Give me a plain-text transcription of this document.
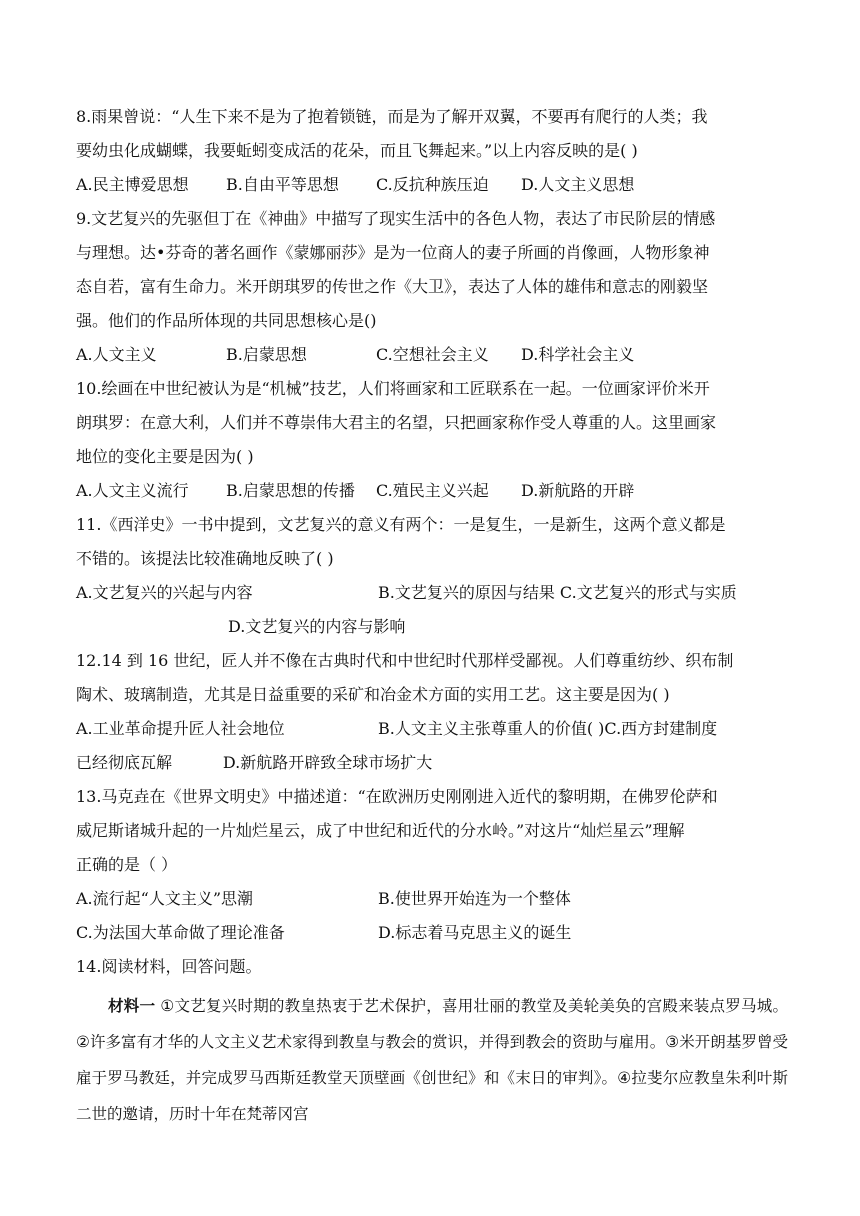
8.雨果曾说：“人生下来不是为了抱着锁链，而是为了解开双翼，不要再有爬行的人类；我
要幼虫化成蝴蝶，我要蚯蚓变成活的花朵，而且飞舞起来。”以上内容反映的是( )
A.民主博爱思想 B.自由平等思想 C.反抗种族压迫 D.人文主义思想
9.文艺复兴的先驱但丁在《神曲》中描写了现实生活中的各色人物，表达了市民阶层的情感
与理想。达•芬奇的著名画作《蒙娜丽莎》是为一位商人的妻子所画的肖像画，人物形象神
态自若，富有生命力。米开朗琪罗的传世之作《大卫》，表达了人体的雄伟和意志的刚毅坚
强。他们的作品所体现的共同思想核心是()
A.人文主义	B.启蒙思想	C.空想社会主义 D.科学社会主义
10.绘画在中世纪被认为是“机械”技艺，人们将画家和工匠联系在一起。一位画家评价米开
朗琪罗：在意大利，人们并不尊崇伟大君主的名望，只把画家称作受人尊重的人。这里画家
地位的变化主要是因为( )
A.人文主义流行 B.启蒙思想的传播 C.殖民主义兴起 D.新航路的开辟
11.《西洋史》一书中提到，文艺复兴的意义有两个：一是复生，一是新生，这两个意义都是
不错的。该提法比较准确地反映了( )
A.文艺复兴的兴起与内容	B.文艺复兴的原因与结果 C.文艺复兴的形式与实质
D.文艺复兴的内容与影响
12.14 到 16 世纪，匠人并不像在古典时代和中世纪时代那样受鄙视。人们尊重纺纱、织布制
陶术、玻璃制造，尤其是日益重要的采矿和冶金术方面的实用工艺。这主要是因为( )
A.工业革命提升匠人社会地位	B.人文主义主张尊重人的价值( )C.西方封建制度
已经彻底瓦解          D.新航路开辟致全球市场扩大
13.马克垚在《世界文明史》中描述道：“在欧洲历史刚刚进入近代的黎明期，在佛罗伦萨和
威尼斯诸城升起的一片灿烂星云，成了中世纪和近代的分水岭。”对这片“灿烂星云”理解
正确的是（ ）
A.流行起“人文主义”思潮	B.使世界开始连为一个整体
C.为法国大革命做了理论准备	D.标志着马克思主义的诞生
14.阅读材料，回答问题。

材料一 ①文艺复兴时期的教皇热衷于艺术保护，喜用壮丽的教堂及美轮美奂的宫殿来装点罗马城。②许多富有才华的人文主义艺术家得到教皇与教会的赏识，并得到教会的资助与雇用。③米开朗基罗曾受雇于罗马教廷，并完成罗马西斯廷教堂天顶壁画《创世纪》和《末日的审判》。④拉斐尔应教皇朱利叶斯二世的邀请，历时十年在梵蒂冈宫
